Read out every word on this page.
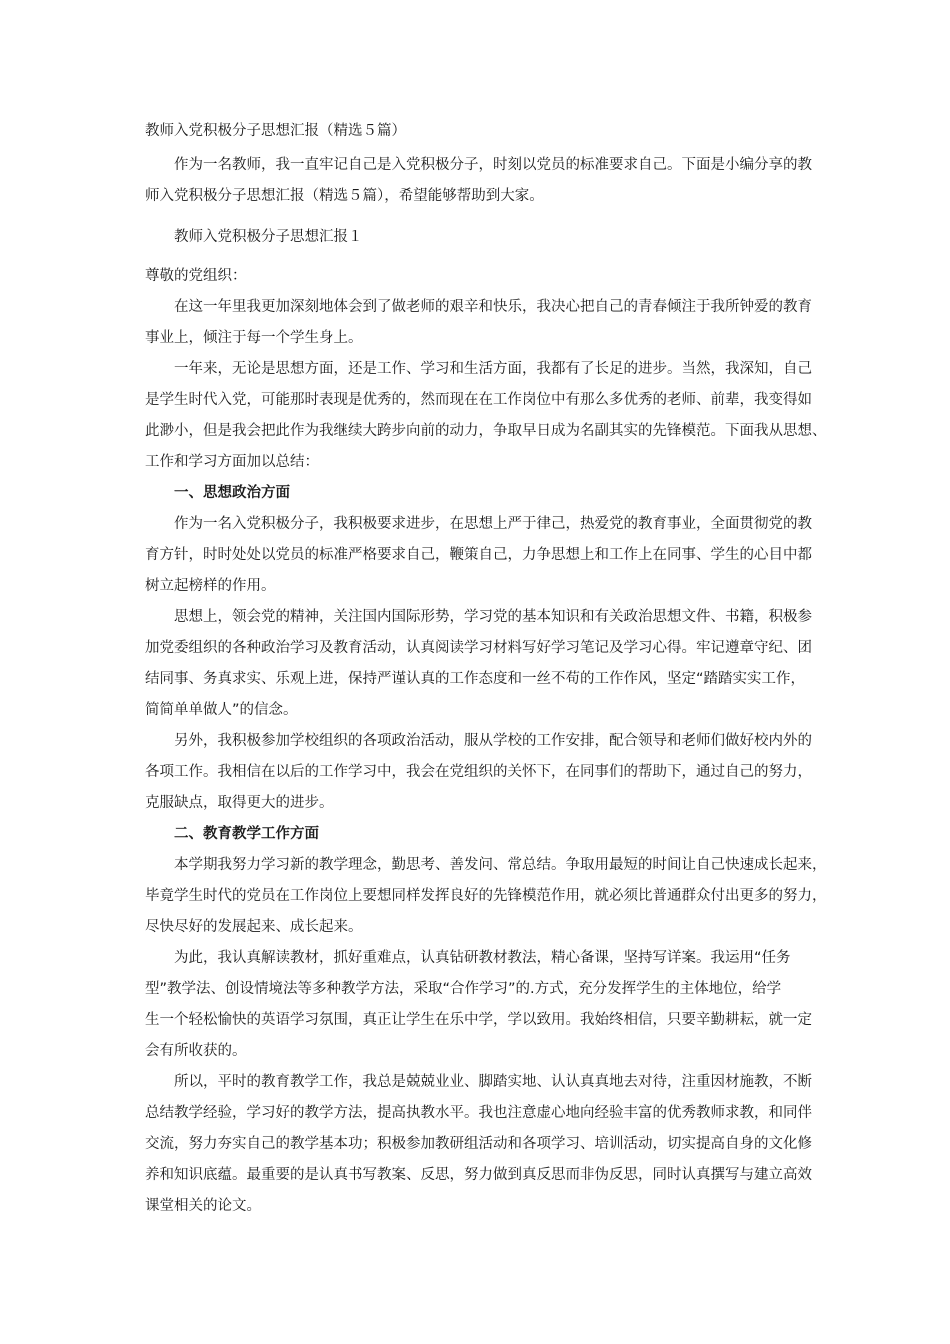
教师入党积极分子思想汇报（精选５篇）

作为一名教师，我一直牢记自己是入党积极分子，时刻以党员的标准要求自己。下面是小编分享的教

师入党积极分子思想汇报（精选５篇），希望能够帮助到大家。

教师入党积极分子思想汇报１

尊敬的党组织：

在这一年里我更加深刻地体会到了做老师的艰辛和快乐，我决心把自己的青春倾注于我所钟爱的教育

事业上，倾注于每一个学生身上。

一年来，无论是思想方面，还是工作、学习和生活方面，我都有了长足的进步。当然，我深知，自己

是学生时代入党，可能那时表现是优秀的，然而现在在工作岗位中有那么多优秀的老师、前辈，我变得如

此渺小，但是我会把此作为我继续大跨步向前的动力，争取早日成为名副其实的先锋模范。下面我从思想、

工作和学习方面加以总结：

一、思想政治方面

作为一名入党积极分子，我积极要求进步，在思想上严于律己，热爱党的教育事业，全面贯彻党的教

育方针，时时处处以党员的标准严格要求自己，鞭策自己，力争思想上和工作上在同事、学生的心目中都

树立起榜样的作用。

思想上，领会党的精神，关注国内国际形势，学习党的基本知识和有关政治思想文件、书籍，积极参

加党委组织的各种政治学习及教育活动，认真阅读学习材料写好学习笔记及学习心得。牢记遵章守纪、团

结同事、务真求实、乐观上进，保持严谨认真的工作态度和一丝不苟的工作作风，坚定“踏踏实实工作，

简简单单做人”的信念。

另外，我积极参加学校组织的各项政治活动，服从学校的工作安排，配合领导和老师们做好校内外的

各项工作。我相信在以后的工作学习中，我会在党组织的关怀下，在同事们的帮助下，通过自己的努力，

克服缺点，取得更大的进步。

二、教育教学工作方面

本学期我努力学习新的教学理念，勤思考、善发问、常总结。争取用最短的时间让自己快速成长起来，

毕竟学生时代的党员在工作岗位上要想同样发挥良好的先锋模范作用，就必须比普通群众付出更多的努力，

尽快尽好的发展起来、成长起来。

为此，我认真解读教材，抓好重难点，认真钻研教材教法，精心备课，坚持写详案。我运用“任务

型”教学法、创设情境法等多种教学方法，采取“合作学习”的.方式，充分发挥学生的主体地位，给学

生一个轻松愉快的英语学习氛围，真正让学生在乐中学，学以致用。我始终相信，只要辛勤耕耘，就一定

会有所收获的。

所以，平时的教育教学工作，我总是兢兢业业、脚踏实地、认认真真地去对待，注重因材施教，不断

总结教学经验，学习好的教学方法，提高执教水平。我也注意虚心地向经验丰富的优秀教师求教，和同伴

交流，努力夯实自己的教学基本功；积极参加教研组活动和各项学习、培训活动，切实提高自身的文化修

养和知识底蕴。最重要的是认真书写教案、反思，努力做到真反思而非伪反思，同时认真撰写与建立高效

课堂相关的论文。
